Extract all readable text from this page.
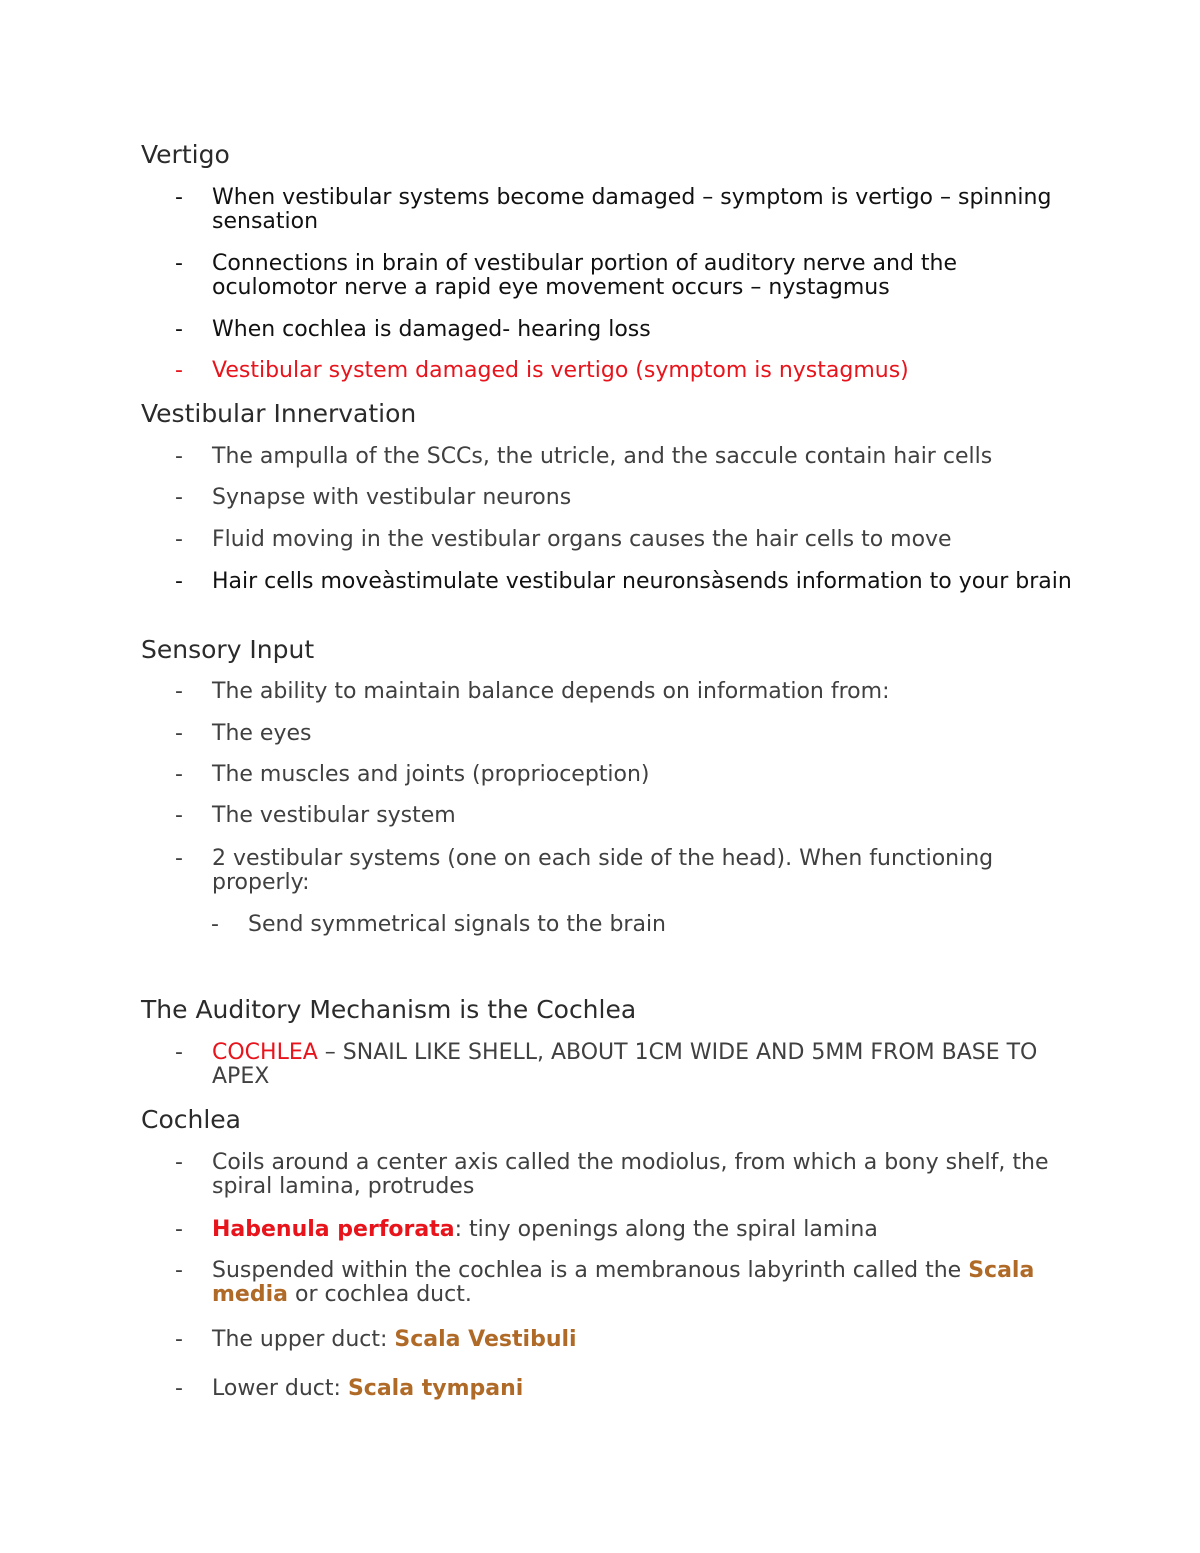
Vertigo
-	When vestibular systems become damaged – symptom is vertigo – spinning sensation
-	Connections in brain of vestibular portion of auditory nerve and the oculomotor nerve a rapid eye movement occurs – nystagmus
-	When cochlea is damaged- hearing loss
-	Vestibular system damaged is vertigo (symptom is nystagmus)
Vestibular Innervation
-	The ampulla of the SCCs, the utricle, and the saccule contain hair cells
-	Synapse with vestibular neurons
-	Fluid moving in the vestibular organs causes the hair cells to move
-	Hair cells moveàstimulate vestibular neuronsàsends information to your brain
Sensory Input
-	The ability to maintain balance depends on information from:
-	The eyes
-	The muscles and joints (proprioception)
-	The vestibular system
-	2 vestibular systems (one on each side of the head). When functioning properly:
-	Send symmetrical signals to the brain
The Auditory Mechanism is the Cochlea
-	COCHLEA – SNAIL LIKE SHELL, ABOUT 1CM WIDE AND 5MM FROM BASE TO APEX
Cochlea
-	Coils around a center axis called the modiolus, from which a bony shelf, the spiral lamina, protrudes
-	Habenula perforata: tiny openings along the spiral lamina
-	Suspended within the cochlea is a membranous labyrinth called the Scala media or cochlea duct.
-	The upper duct: Scala Vestibuli
-	Lower duct: Scala tympani
